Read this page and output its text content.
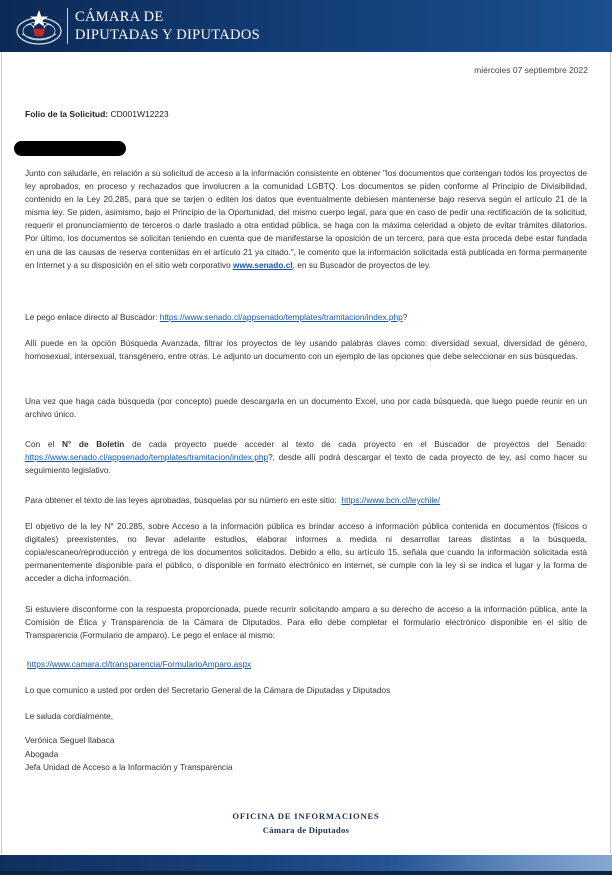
CÁMARA DE
DIPUTADAS Y DIPUTADOS
miércoles 07 septiembre 2022
Folio de la Solicitud: CD001W12223

Junto con saludarle, en relación a su solicitud de acceso a la información consistente en obtener "los documentos que contengan todos los proyectos de ley aprobados, en proceso y rechazados que involucren a la comunidad LGBTQ. Los documentos se piden conforme al Principio de Divisibilidad, contenido en la Ley 20.285, para que se tarjen o editen los datos que eventualmente debiesen mantenerse bajo reserva según el artículo 21 de la misma ley. Se piden, asimismo, bajo el Principio de la Oportunidad, del mismo cuerpo legal, para que en caso de pedir una rectificación de la solicitud, requerir el pronunciamiento de terceros o darle traslado a otra entidad pública, se haga con la máxima celeridad a objeto de evitar trámites dilatorios. Por último, los documentos se solicitan teniendo en cuenta que de manifestarse la oposición de un tercero, para que esta proceda debe estar fundada en una de las causas de reserva contenidas en el artículo 21 ya citado.", le comento que la información solicitada está publicada en forma permanente en Internet y a su disposición en el sitio web corporativo www.senado.cl, en su Buscador de proyectos de ley.

Le pego enlace directo al Buscador: https://www.senado.cl/appsenado/templates/tramitacion/index.php?

Allí puede en la opción Búsqueda Avanzada, filtrar los proyectos de ley usando palabras claves como: diversidad sexual, diversidad de género, homosexual, intersexual, transgénero, entre otras. Le adjunto un documento con un ejemplo de las opciones que debe seleccionar en sus búsquedas.

Una vez que haga cada búsqueda (por concepto) puede descargarla en un documento Excel, uno por cada búsqueda, que luego puede reunir en un archivo único.

Con el N° de Boletín de cada proyecto puede acceder al texto de cada proyecto en el Buscador de proyectos del Senado: https://www.senado.cl/appsenado/templates/tramitacion/index.php?, desde allí podrá descargar el texto de cada proyecto de ley, así como hacer su seguimiento legislativo.

Para obtener el texto de las leyes aprobadas, búsquelas por su número en este sitio: https://www.bcn.cl/leychile/

El objetivo de la ley N° 20.285, sobre Acceso a la información pública es brindar acceso a información pública contenida en documentos (físicos o digitales) preexistentes, no llevar adelante estudios, elaborar informes a medida ni desarrollar tareas distintas a la búsqueda, copia/escaneo/reproducción y entrega de los documentos solicitados. Debido a ello, su artículo 15, señala que cuando la información solicitada está permanentemente disponible para el público, o disponible en formato electrónico en internet, se cumple con la ley si se indica el lugar y la forma de acceder a dicha información.

Si estuviere disconforme con la respuesta proporcionada, puede recurrir solicitando amparo a su derecho de acceso a la información pública, ante la Comisión de Ética y Transparencia de la Cámara de Diputados. Para ello debe completar el formulario electrónico disponible en el sitio de Transparencia (Formulario de amparo). Le pego el enlace al mismo:

https://www.camara.cl/transparencia/FormularioAmparo.aspx

Lo que comunico a usted por orden del Secretario General de la Cámara de Diputadas y Diputados

Le saluda cordialmente,

Verónica Seguel Ilabaca
Abogada
Jefa Unidad de Acceso a la Información y Transparencia
OFICINA DE INFORMACIONES
Cámara de Diputados
